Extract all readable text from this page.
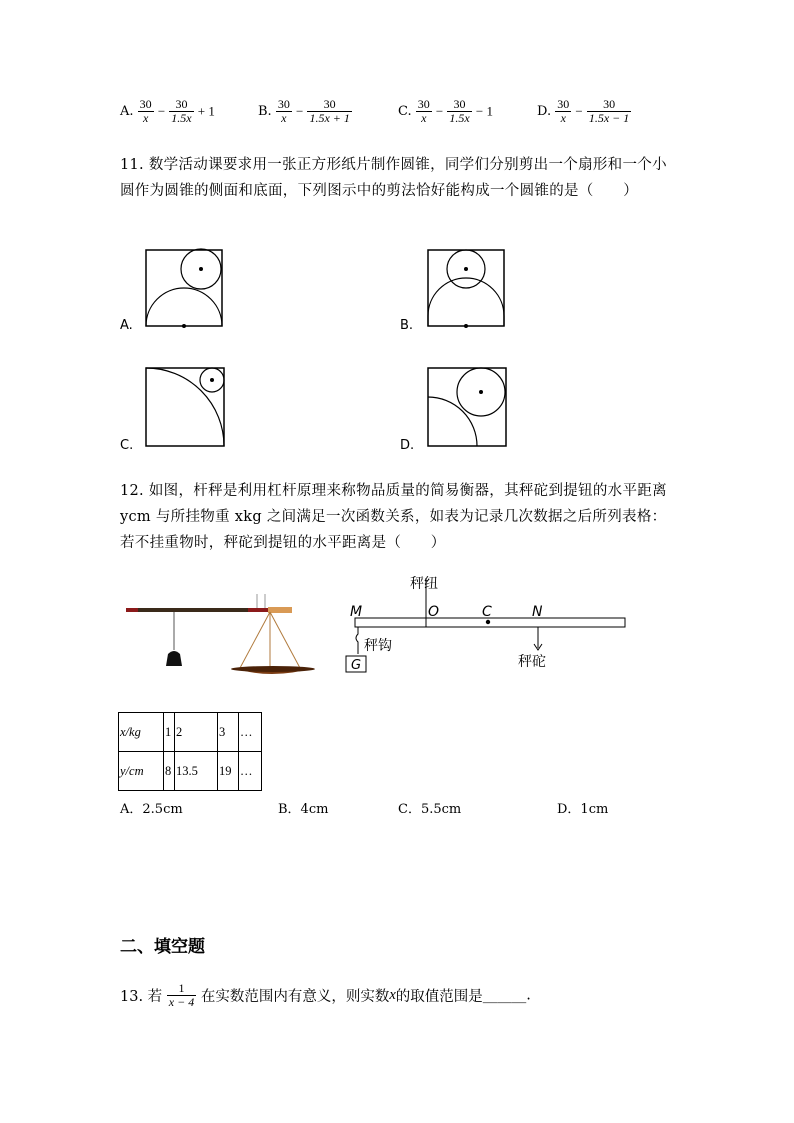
A. $\frac{30}{x} - \frac{30}{1.5x} + 1$	B. $\frac{30}{x} - \frac{30}{1.5x + 1}$	C. $\frac{30}{x} - \frac{30}{1.5x} - 1$	D. $\frac{30}{x} - \frac{30}{1.5x - 1}$
11. 数学活动课要求用一张正方形纸片制作圆锥，同学们分别剪出一个扇形和一个小圆作为圆锥的侧面和底面，下列图示中的剪法恰好能构成一个圆锥的是（　　）
A.	B.
C.	D.
12. 如图，杆秤是利用杠杆原理来称物品质量的简易衡器，其秤砣到提钮的水平距离 ycm 与所挂物重 xkg 之间满足一次函数关系，如表为记录几次数据之后所列表格：若不挂重物时，秤砣到提钮的水平距离是（　　）
秤纽
M	O	C	N
秤砣
秤钩
G
x/kg	1	2	3	…
y/cm	8	13.5	19	…
A．2.5cm	B．4cm	C．5.5cm	D．1cm
二、填空题
13. 若 $\frac{1}{x - 4}$ 在实数范围内有意义，则实数x的取值范围是______.
